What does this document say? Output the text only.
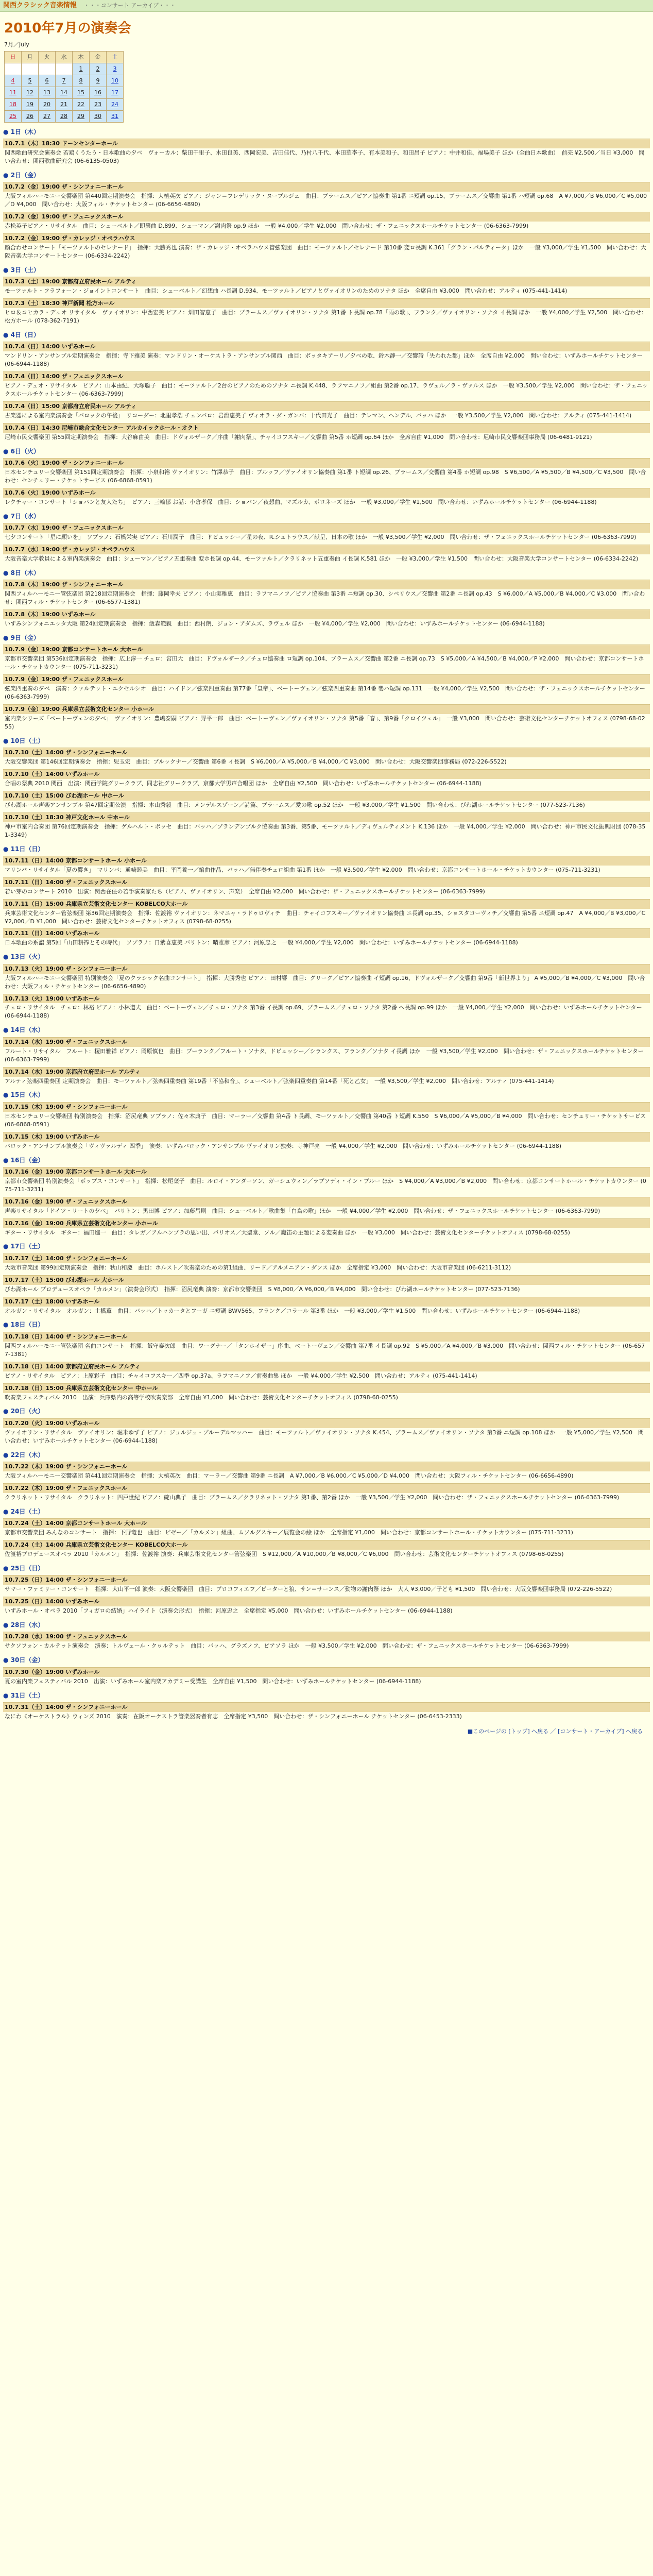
関西クラシック音楽情報 ・・・コンサート アーカイブ・・・
2010年7月の演奏会
7月／July
日	月	火	水	木	金	土
				1	2	3
4	5	6	7	8	9	10
11	12	13	14	15	16	17
18	19	20	21	22	23	24
25	26	27	28	29	30	31
● 1日（木）
10.7.1（木）18:30 ドーンセンターホール
関西歌曲研究会演奏会 若鶏くうたう・日本歌曲の夕べ　ヴォーカル：柴田千里子、木田良美、西岡宏美、吉田佳代、乃村八千代、本田華李子、有本美和子、和田昌子 ピアノ：中井和佳、福場美子 ほか（全曲日本歌曲）　前売 ¥2,500／当日 ¥3,000　問い合わせ：関西歌曲研究会 (06-6135-0503)
● 2日（金）
10.7.2（金）19:00 ザ・シンフォニーホール
大阪フィルハーモニー交響楽団 第440回定期演奏会　指揮：大植英次 ピアノ：ジャン＝フレデリック・ヌーブルジェ　曲目：ブラームス／ピアノ協奏曲 第1番 ニ短調 op.15、ブラームス／交響曲 第1番 ハ短調 op.68　A ¥7,000／B ¥6,000／C ¥5,000／D ¥4,000　問い合わせ：大阪フィル・チケットセンター (06-6656-4890)
10.7.2（金）19:00 ザ・フェニックスホール
赤松英子ピアノ・リサイタル　曲目：シューベルト／即興曲 D.899、シューマン／謝肉祭 op.9 ほか　一般 ¥4,000／学生 ¥2,000　問い合わせ：ザ・フェニックスホールチケットセンター (06-6363-7999)
10.7.2（金）19:00 ザ・カレッジ・オペラハウス
顔合わせコンサート「モーツァルトのセレナード」　指揮：大勝秀也 演奏：ザ・カレッジ・オペラハウス管弦楽団　曲目：モーツァルト／セレナード 第10番 変ロ長調 K.361「グラン・パルティータ」ほか　一般 ¥3,000／学生 ¥1,500　問い合わせ：大阪音楽大学コンサートセンター (06-6334-2242)
● 3日（土）
10.7.3（土）19:00 京都府立府民ホール アルティ
モーツァルト・フラフォーン・ジョイントコンサート　曲目：シューベルト／幻想曲 ハ長調 D.934、モーツァルト／ピアノとヴァイオリンのためのソナタ ほか　全席自由 ¥3,000　問い合わせ：アルティ (075-441-1414)
10.7.3（土）18:30 神戸新聞 松方ホール
ヒロ＆コヒカラ・デュオ リサイタル　ヴァイオリン：中西宏美 ピアノ：畑田智恵子　曲目：ブラームス／ヴァイオリン・ソナタ 第1番 ト長調 op.78「雨の歌」、フランク／ヴァイオリン・ソナタ イ長調 ほか　一般 ¥4,000／学生 ¥2,500　問い合わせ：松方ホール (078-362-7191)
● 4日（日）
10.7.4（日）14:00 いずみホール
マンドリン・アンサンブル定期演奏会　指揮：寺下雅美 演奏：マンドリン・オーケストラ・アンサンブル関西　曲目：ボッタキアーリ／夕べの歌、鈴木静一／交響詩「失われた都」ほか　全席自由 ¥2,000　問い合わせ：いずみホールチケットセンター (06-6944-1188)
10.7.4（日）14:00 ザ・フェニックスホール
ピアノ・デュオ・リサイタル　ピアノ：山本由紀、大塚聡子　曲目：モーツァルト／2台のピアノのためのソナタ ニ長調 K.448、ラフマニノフ／組曲 第2番 op.17、ラヴェル／ラ・ヴァルス ほか　一般 ¥3,500／学生 ¥2,000　問い合わせ：ザ・フェニックスホールチケットセンター (06-6363-7999)
10.7.4（日）15:00 京都府立府民ホール アルティ
古楽器による室内楽演奏会「バロックの午後」　リコーダー：北里孝浩 チェンバロ：岩淵恵美子 ヴィオラ・ダ・ガンバ：十代田光子　曲目：テレマン、ヘンデル、バッハ ほか　一般 ¥3,500／学生 ¥2,000　問い合わせ：アルティ (075-441-1414)
10.7.4（日）14:30 尼崎市総合文化センター アルカイックホール・オクト
尼崎市民交響楽団 第55回定期演奏会　指揮：大谷麻由美　曲目：ドヴォルザーク／序曲「謝肉祭」、チャイコフスキー／交響曲 第5番 ホ短調 op.64 ほか　全席自由 ¥1,000　問い合わせ：尼崎市民交響楽団事務局 (06-6481-9121)
● 6日（火）
10.7.6（火）19:00 ザ・シンフォニーホール
日本センチュリー交響楽団 第151回定期演奏会　指揮：小泉和裕 ヴァイオリン：竹澤恭子　曲目：ブルッフ／ヴァイオリン協奏曲 第1番 ト短調 op.26、ブラームス／交響曲 第4番 ホ短調 op.98　S ¥6,500／A ¥5,500／B ¥4,500／C ¥3,500　問い合わせ：センチュリー・チケットサービス (06-6868-0591)
10.7.6（火）19:00 いずみホール
レクチャー・コンサート「ショパンと友人たち」　ピアノ：三輪郁 お話：小倉孝保　曲目：ショパン／夜想曲、マズルカ、ポロネーズ ほか　一般 ¥3,000／学生 ¥1,500　問い合わせ：いずみホールチケットセンター (06-6944-1188)
● 7日（水）
10.7.7（水）19:00 ザ・フェニックスホール
七夕コンサート「星に願いを」　ソプラノ：石橋栄実 ピアノ：石川潤子　曲目：ドビュッシー／星の夜、R.シュトラウス／献呈、日本の歌 ほか　一般 ¥3,500／学生 ¥2,000　問い合わせ：ザ・フェニックスホールチケットセンター (06-6363-7999)
10.7.7（水）19:00 ザ・カレッジ・オペラハウス
大阪音楽大学教員による室内楽演奏会　曲目：シューマン／ピアノ五重奏曲 変ホ長調 op.44、モーツァルト／クラリネット五重奏曲 イ長調 K.581 ほか　一般 ¥3,000／学生 ¥1,500　問い合わせ：大阪音楽大学コンサートセンター (06-6334-2242)
● 8日（木）
10.7.8（木）19:00 ザ・シンフォニーホール
関西フィルハーモニー管弦楽団 第218回定期演奏会　指揮：藤岡幸夫 ピアノ：小山実稚恵　曲目：ラフマニノフ／ピアノ協奏曲 第3番 ニ短調 op.30、シベリウス／交響曲 第2番 ニ長調 op.43　S ¥6,000／A ¥5,000／B ¥4,000／C ¥3,000　問い合わせ：関西フィル・チケットセンター (06-6577-1381)
10.7.8（木）19:00 いずみホール
いずみシンフォニエッタ大阪 第24回定期演奏会　指揮：飯森範親　曲目：西村朗、ジョン・アダムズ、ラヴェル ほか　一般 ¥4,000／学生 ¥2,000　問い合わせ：いずみホールチケットセンター (06-6944-1188)
● 9日（金）
10.7.9（金）19:00 京都コンサートホール 大ホール
京都市交響楽団 第536回定期演奏会　指揮：広上淳一 チェロ：宮田大　曲目：ドヴォルザーク／チェロ協奏曲 ロ短調 op.104、ブラームス／交響曲 第2番 ニ長調 op.73　S ¥5,000／A ¥4,500／B ¥4,000／P ¥2,000　問い合わせ：京都コンサートホール・チケットカウンター (075-711-3231)
10.7.9（金）19:00 ザ・フェニックスホール
弦楽四重奏の夕べ　演奏：クァルテット・エクセルシオ　曲目：ハイドン／弦楽四重奏曲 第77番「皇帝」、ベートーヴェン／弦楽四重奏曲 第14番 嬰ハ短調 op.131　一般 ¥4,000／学生 ¥2,500　問い合わせ：ザ・フェニックスホールチケットセンター (06-6363-7999)
10.7.9（金）19:00 兵庫県立芸術文化センター 小ホール
室内楽シリーズ「ベートーヴェンの夕べ」　ヴァイオリン：豊嶋泰嗣 ピアノ：野平一郎　曲目：ベートーヴェン／ヴァイオリン・ソナタ 第5番「春」、第9番「クロイツェル」　一般 ¥3,000　問い合わせ：芸術文化センターチケットオフィス (0798-68-0255)
● 10日（土）
10.7.10（土）14:00 ザ・シンフォニーホール
大阪交響楽団 第146回定期演奏会　指揮：児玉宏　曲目：ブルックナー／交響曲 第6番 イ長調　S ¥6,000／A ¥5,000／B ¥4,000／C ¥3,000　問い合わせ：大阪交響楽団事務局 (072-226-5522)
10.7.10（土）14:00 いずみホール
合唱の祭典 2010 関西　出演：関西学院グリークラブ、同志社グリークラブ、京都大学男声合唱団 ほか　全席自由 ¥2,500　問い合わせ：いずみホールチケットセンター (06-6944-1188)
10.7.10（土）15:00 びわ湖ホール 中ホール
びわ湖ホール声楽アンサンブル 第47回定期公演　指揮：本山秀毅　曲目：メンデルスゾーン／詩篇、ブラームス／愛の歌 op.52 ほか　一般 ¥3,000／学生 ¥1,500　問い合わせ：びわ湖ホールチケットセンター (077-523-7136)
10.7.10（土）18:30 神戸文化ホール 中ホール
神戸市室内合奏団 第76回定期演奏会　指揮：ゲルハルト・ボッセ　曲目：バッハ／ブランデンブルク協奏曲 第3番、第5番、モーツァルト／ディヴェルティメント K.136 ほか　一般 ¥4,000／学生 ¥2,000　問い合わせ：神戸市民文化振興財団 (078-351-3349)
● 11日（日）
10.7.11（日）14:00 京都コンサートホール 小ホール
マリンバ・リサイタル「夏の響き」　マリンバ：通崎睦美　曲目：平岡養一／編曲作品、バッハ／無伴奏チェロ組曲 第1番 ほか　一般 ¥3,500／学生 ¥2,000　問い合わせ：京都コンサートホール・チケットカウンター (075-711-3231)
10.7.11（日）14:00 ザ・フェニックスホール
若い芽のコンサート 2010　出演：関西在住の若手演奏家たち（ピアノ、ヴァイオリン、声楽）　全席自由 ¥2,000　問い合わせ：ザ・フェニックスホールチケットセンター (06-6363-7999)
10.7.11（日）15:00 兵庫県立芸術文化センター KOBELCO大ホール
兵庫芸術文化センター管弦楽団 第36回定期演奏会　指揮：佐渡裕 ヴァイオリン：ネマニャ・ラドゥロヴィチ　曲目：チャイコフスキー／ヴァイオリン協奏曲 ニ長調 op.35、ショスタコーヴィチ／交響曲 第5番 ニ短調 op.47　A ¥4,000／B ¥3,000／C ¥2,000／D ¥1,000　問い合わせ：芸術文化センターチケットオフィス (0798-68-0255)
10.7.11（日）14:00 いずみホール
日本歌曲の系譜 第5回「山田耕筰とその時代」　ソプラノ：日紫喜恵美 バリトン：晴雅彦 ピアノ：河原忠之　一般 ¥4,000／学生 ¥2,000　問い合わせ：いずみホールチケットセンター (06-6944-1188)
● 13日（火）
10.7.13（火）19:00 ザ・シンフォニーホール
大阪フィルハーモニー交響楽団 特別演奏会「夏のクラシック名曲コンサート」　指揮：大勝秀也 ピアノ：田村響　曲目：グリーグ／ピアノ協奏曲 イ短調 op.16、ドヴォルザーク／交響曲 第9番「新世界より」 A ¥5,000／B ¥4,000／C ¥3,000　問い合わせ：大阪フィル・チケットセンター (06-6656-4890)
10.7.13（火）19:00 いずみホール
チェロ・リサイタル　チェロ：林裕 ピアノ：小林道夫　曲目：ベートーヴェン／チェロ・ソナタ 第3番 イ長調 op.69、ブラームス／チェロ・ソナタ 第2番 ヘ長調 op.99 ほか　一般 ¥4,000／学生 ¥2,000　問い合わせ：いずみホールチケットセンター (06-6944-1188)
● 14日（水）
10.7.14（水）19:00 ザ・フェニックスホール
フルート・リサイタル　フルート：榎田雅祥 ピアノ：岡原慎也　曲目：プーランク／フルート・ソナタ、ドビュッシー／シランクス、フランク／ソナタ イ長調 ほか　一般 ¥3,500／学生 ¥2,000　問い合わせ：ザ・フェニックスホールチケットセンター (06-6363-7999)
10.7.14（水）19:00 京都府立府民ホール アルティ
アルティ弦楽四重奏団 定期演奏会　曲目：モーツァルト／弦楽四重奏曲 第19番「不協和音」、シューベルト／弦楽四重奏曲 第14番「死と乙女」　一般 ¥3,500／学生 ¥2,000　問い合わせ：アルティ (075-441-1414)
● 15日（木）
10.7.15（木）19:00 ザ・シンフォニーホール
日本センチュリー交響楽団 特別演奏会　指揮：沼尻竜典 ソプラノ：佐々木典子　曲目：マーラー／交響曲 第4番 ト長調、モーツァルト／交響曲 第40番 ト短調 K.550　S ¥6,000／A ¥5,000／B ¥4,000　問い合わせ：センチュリー・チケットサービス (06-6868-0591)
10.7.15（木）19:00 いずみホール
バロック・アンサンブル演奏会「ヴィヴァルディ 四季」　演奏：いずみバロック・アンサンブル ヴァイオリン独奏：寺神戸亮　一般 ¥4,000／学生 ¥2,000　問い合わせ：いずみホールチケットセンター (06-6944-1188)
● 16日（金）
10.7.16（金）19:00 京都コンサートホール 大ホール
京都市交響楽団 特別演奏会「ポップス・コンサート」　指揮：松尾葉子　曲目：ルロイ・アンダーソン、ガーシュウィン／ラプソディ・イン・ブルー ほか　S ¥4,000／A ¥3,000／B ¥2,000　問い合わせ：京都コンサートホール・チケットカウンター (075-711-3231)
10.7.16（金）19:00 ザ・フェニックスホール
声楽リサイタル「ドイツ・リートの夕べ」　バリトン：黒田博 ピアノ：加藤昌則　曲目：シューベルト／歌曲集「白鳥の歌」ほか　一般 ¥4,000／学生 ¥2,000　問い合わせ：ザ・フェニックスホールチケットセンター (06-6363-7999)
10.7.16（金）19:00 兵庫県立芸術文化センター 小ホール
ギター・リサイタル　ギター：福田進一　曲目：タレガ／アルハンブラの思い出、バリオス／大聖堂、ソル／魔笛の主題による変奏曲 ほか　一般 ¥3,000　問い合わせ：芸術文化センターチケットオフィス (0798-68-0255)
● 17日（土）
10.7.17（土）14:00 ザ・シンフォニーホール
大阪市音楽団 第99回定期演奏会　指揮：秋山和慶　曲目：ホルスト／吹奏楽のための第1組曲、リード／アルメニアン・ダンス ほか　全席指定 ¥3,000　問い合わせ：大阪市音楽団 (06-6211-3112)
10.7.17（土）15:00 びわ湖ホール 大ホール
びわ湖ホール プロデュースオペラ「カルメン」（演奏会形式）　指揮：沼尻竜典 演奏：京都市交響楽団　S ¥8,000／A ¥6,000／B ¥4,000　問い合わせ：びわ湖ホールチケットセンター (077-523-7136)
10.7.17（土）18:00 いずみホール
オルガン・リサイタル　オルガン：土橋薫　曲目：バッハ／トッカータとフーガ ニ短調 BWV565、フランク／コラール 第3番 ほか　一般 ¥3,000／学生 ¥1,500　問い合わせ：いずみホールチケットセンター (06-6944-1188)
● 18日（日）
10.7.18（日）14:00 ザ・シンフォニーホール
関西フィルハーモニー管弦楽団 名曲コンサート　指揮：飯守泰次郎　曲目：ワーグナー／「タンホイザー」序曲、ベートーヴェン／交響曲 第7番 イ長調 op.92　S ¥5,000／A ¥4,000／B ¥3,000　問い合わせ：関西フィル・チケットセンター (06-6577-1381)
10.7.18（日）14:00 京都府立府民ホール アルティ
ピアノ・リサイタル　ピアノ：上原彩子　曲目：チャイコフスキー／四季 op.37a、ラフマニノフ／前奏曲集 ほか　一般 ¥4,000／学生 ¥2,500　問い合わせ：アルティ (075-441-1414)
10.7.18（日）15:00 兵庫県立芸術文化センター 中ホール
吹奏楽フェスティバル 2010　出演：兵庫県内の高等学校吹奏楽部　全席自由 ¥1,000　問い合わせ：芸術文化センターチケットオフィス (0798-68-0255)
● 20日（火）
10.7.20（火）19:00 いずみホール
ヴァイオリン・リサイタル　ヴァイオリン：堀米ゆず子 ピアノ：ジョルジュ・プルーデルマッハー　曲目：モーツァルト／ヴァイオリン・ソナタ K.454、ブラームス／ヴァイオリン・ソナタ 第3番 ニ短調 op.108 ほか　一般 ¥5,000／学生 ¥2,500　問い合わせ：いずみホールチケットセンター (06-6944-1188)
● 22日（木）
10.7.22（木）19:00 ザ・シンフォニーホール
大阪フィルハーモニー交響楽団 第441回定期演奏会　指揮：大植英次　曲目：マーラー／交響曲 第9番 ニ長調　A ¥7,000／B ¥6,000／C ¥5,000／D ¥4,000　問い合わせ：大阪フィル・チケットセンター (06-6656-4890)
10.7.22（木）19:00 ザ・フェニックスホール
クラリネット・リサイタル　クラリネット：四戸世紀 ピアノ：碇山典子　曲目：ブラームス／クラリネット・ソナタ 第1番、第2番 ほか　一般 ¥3,500／学生 ¥2,000　問い合わせ：ザ・フェニックスホールチケットセンター (06-6363-7999)
● 24日（土）
10.7.24（土）14:00 京都コンサートホール 大ホール
京都市交響楽団 みんなのコンサート　指揮：下野竜也　曲目：ビゼー／「カルメン」組曲、ムソルグスキー／展覧会の絵 ほか　全席指定 ¥1,000　問い合わせ：京都コンサートホール・チケットカウンター (075-711-3231)
10.7.24（土）14:00 兵庫県立芸術文化センター KOBELCO大ホール
佐渡裕プロデュースオペラ 2010「カルメン」　指揮：佐渡裕 演奏：兵庫芸術文化センター管弦楽団　S ¥12,000／A ¥10,000／B ¥8,000／C ¥6,000　問い合わせ：芸術文化センターチケットオフィス (0798-68-0255)
● 25日（日）
10.7.25（日）14:00 ザ・シンフォニーホール
サマー・ファミリー・コンサート　指揮：大山平一郎 演奏：大阪交響楽団　曲目：プロコフィエフ／ピーターと狼、サン＝サーンス／動物の謝肉祭 ほか　大人 ¥3,000／子ども ¥1,500　問い合わせ：大阪交響楽団事務局 (072-226-5522)
10.7.25（日）14:00 いずみホール
いずみホール・オペラ 2010「フィガロの結婚」ハイライト（演奏会形式）　指揮：河原忠之　全席指定 ¥5,000　問い合わせ：いずみホールチケットセンター (06-6944-1188)
● 28日（水）
10.7.28（水）19:00 ザ・フェニックスホール
サクソフォン・カルテット演奏会　演奏：トルヴェール・クヮルテット　曲目：バッハ、グラズノフ、ピアソラ ほか　一般 ¥3,500／学生 ¥2,000　問い合わせ：ザ・フェニックスホールチケットセンター (06-6363-7999)
● 30日（金）
10.7.30（金）19:00 いずみホール
夏の室内楽フェスティバル 2010　出演：いずみホール室内楽アカデミー受講生　全席自由 ¥1,500　問い合わせ：いずみホールチケットセンター (06-6944-1188)
● 31日（土）
10.7.31（土）14:00 ザ・シンフォニーホール
なにわ《オーケストラル》ウィンズ 2010　演奏：在阪オーケストラ管楽器奏者有志　全席指定 ¥3,500　問い合わせ：ザ・シンフォニーホール チケットセンター (06-6453-2333)
■このページの [トップ] へ戻る ／ [コンサート・アーカイブ] へ戻る
